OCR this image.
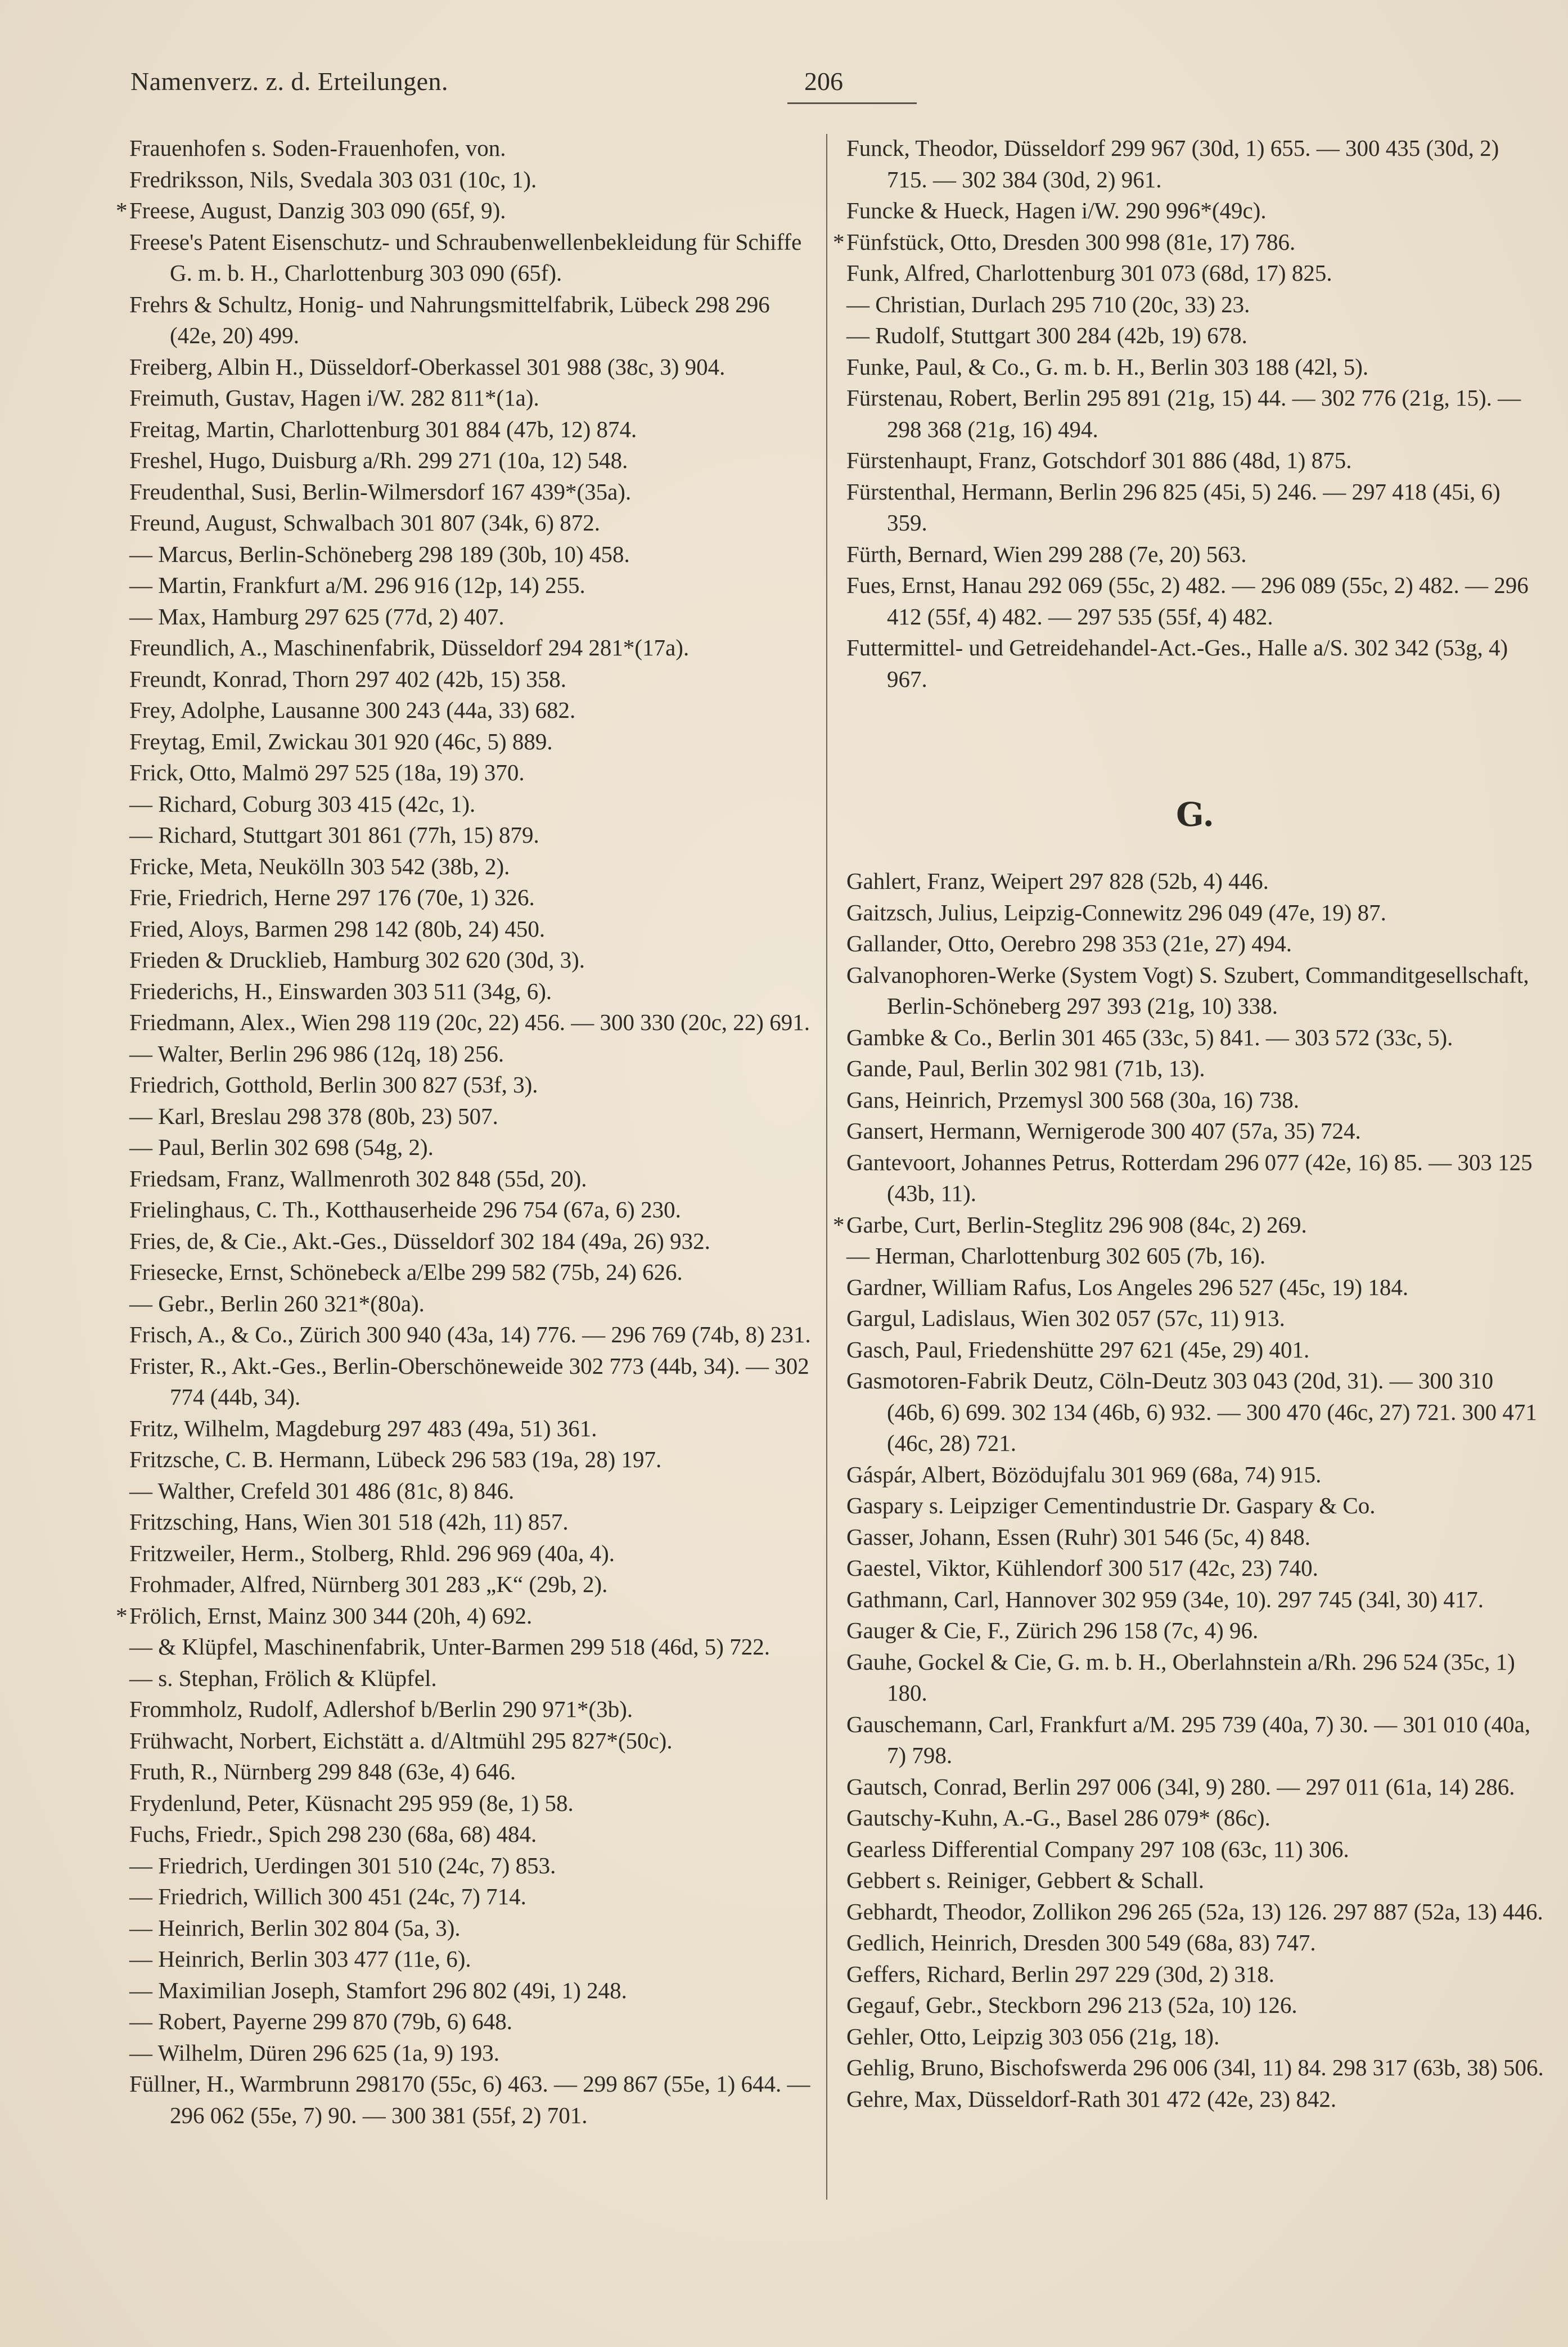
Namenverz. z. d. Erteilungen.	206
Frauenhofen s. Soden-Frauenhofen, von.
Fredriksson, Nils, Svedala 303 031 (10c, 1).
* Freese, August, Danzig 303 090 (65f, 9).
Freese's Patent Eisenschutz- und Schraubenwellenbekleidung für Schiffe G. m. b. H., Charlottenburg 303 090 (65f).
Frehrs & Schultz, Honig- und Nahrungsmittelfabrik, Lübeck 298 296 (42e, 20) 499.
Freiberg, Albin H., Düsseldorf-Oberkassel 301 988 (38c, 3) 904.
Freimuth, Gustav, Hagen i/W. 282 811*(1a).
Freitag, Martin, Charlottenburg 301 884 (47b, 12) 874.
Freshel, Hugo, Duisburg a/Rh. 299 271 (10a, 12) 548.
Freudenthal, Susi, Berlin-Wilmersdorf 167 439*(35a).
Freund, August, Schwalbach 301 807 (34k, 6) 872.
— Marcus, Berlin-Schöneberg 298 189 (30b, 10) 458.
— Martin, Frankfurt a/M. 296 916 (12p, 14) 255.
— Max, Hamburg 297 625 (77d, 2) 407.
Freundlich, A., Maschinenfabrik, Düsseldorf 294 281*(17a).
Freundt, Konrad, Thorn 297 402 (42b, 15) 358.
Frey, Adolphe, Lausanne 300 243 (44a, 33) 682.
Freytag, Emil, Zwickau 301 920 (46c, 5) 889.
Frick, Otto, Malmö 297 525 (18a, 19) 370.
— Richard, Coburg 303 415 (42c, 1).
— Richard, Stuttgart 301 861 (77h, 15) 879.
Fricke, Meta, Neukölln 303 542 (38b, 2).
Frie, Friedrich, Herne 297 176 (70e, 1) 326.
Fried, Aloys, Barmen 298 142 (80b, 24) 450.
Frieden & Drucklieb, Hamburg 302 620 (30d, 3).
Friederichs, H., Einswarden 303 511 (34g, 6).
Friedmann, Alex., Wien 298 119 (20c, 22) 456. — 300 330 (20c, 22) 691.
— Walter, Berlin 296 986 (12q, 18) 256.
Friedrich, Gotthold, Berlin 300 827 (53f, 3).
— Karl, Breslau 298 378 (80b, 23) 507.
— Paul, Berlin 302 698 (54g, 2).
Friedsam, Franz, Wallmenroth 302 848 (55d, 20).
Frielinghaus, C. Th., Kotthauserheide 296 754 (67a, 6) 230.
Fries, de, & Cie., Akt.-Ges., Düsseldorf 302 184 (49a, 26) 932.
Friesecke, Ernst, Schönebeck a/Elbe 299 582 (75b, 24) 626.
— Gebr., Berlin 260 321*(80a).
Frisch, A., & Co., Zürich 300 940 (43a, 14) 776. — 296 769 (74b, 8) 231.
Frister, R., Akt.-Ges., Berlin-Oberschöneweide 302 773 (44b, 34). — 302 774 (44b, 34).
Fritz, Wilhelm, Magdeburg 297 483 (49a, 51) 361.
Fritzsche, C. B. Hermann, Lübeck 296 583 (19a, 28) 197.
— Walther, Crefeld 301 486 (81c, 8) 846.
Fritzsching, Hans, Wien 301 518 (42h, 11) 857.
Fritzweiler, Herm., Stolberg, Rhld. 296 969 (40a, 4).
Frohmader, Alfred, Nürnberg 301 283 „K“ (29b, 2).
* Frölich, Ernst, Mainz 300 344 (20h, 4) 692.
— & Klüpfel, Maschinenfabrik, Unter-Barmen 299 518 (46d, 5) 722.
— s. Stephan, Frölich & Klüpfel.
Frommholz, Rudolf, Adlershof b/Berlin 290 971*(3b).
Frühwacht, Norbert, Eichstätt a. d/Altmühl 295 827*(50c).
Fruth, R., Nürnberg 299 848 (63e, 4) 646.
Frydenlund, Peter, Küsnacht 295 959 (8e, 1) 58.
Fuchs, Friedr., Spich 298 230 (68a, 68) 484.
— Friedrich, Uerdingen 301 510 (24c, 7) 853.
— Friedrich, Willich 300 451 (24c, 7) 714.
— Heinrich, Berlin 302 804 (5a, 3).
— Heinrich, Berlin 303 477 (11e, 6).
— Maximilian Joseph, Stamfort 296 802 (49i, 1) 248.
— Robert, Payerne 299 870 (79b, 6) 648.
— Wilhelm, Düren 296 625 (1a, 9) 193.
Füllner, H., Warmbrunn 298170 (55c, 6) 463. — 299 867 (55e, 1) 644. — 296 062 (55e, 7) 90. — 300 381 (55f, 2) 701.
Funck, Theodor, Düsseldorf 299 967 (30d, 1) 655. — 300 435 (30d, 2) 715. — 302 384 (30d, 2) 961.
Funcke & Hueck, Hagen i/W. 290 996*(49c).
* Fünfstück, Otto, Dresden 300 998 (81e, 17) 786.
Funk, Alfred, Charlottenburg 301 073 (68d, 17) 825.
— Christian, Durlach 295 710 (20c, 33) 23.
— Rudolf, Stuttgart 300 284 (42b, 19) 678.
Funke, Paul, & Co., G. m. b. H., Berlin 303 188 (42l, 5).
Fürstenau, Robert, Berlin 295 891 (21g, 15) 44. — 302 776 (21g, 15). — 298 368 (21g, 16) 494.
Fürstenhaupt, Franz, Gotschdorf 301 886 (48d, 1) 875.
Fürstenthal, Hermann, Berlin 296 825 (45i, 5) 246. — 297 418 (45i, 6) 359.
Fürth, Bernard, Wien 299 288 (7e, 20) 563.
Fues, Ernst, Hanau 292 069 (55c, 2) 482. — 296 089 (55c, 2) 482. — 296 412 (55f, 4) 482. — 297 535 (55f, 4) 482.
Futtermittel- und Getreidehandel-Act.-Ges., Halle a/S. 302 342 (53g, 4) 967.
G.
Gahlert, Franz, Weipert 297 828 (52b, 4) 446.
Gaitzsch, Julius, Leipzig-Connewitz 296 049 (47e, 19) 87.
Gallander, Otto, Oerebro 298 353 (21e, 27) 494.
Galvanophoren-Werke (System Vogt) S. Szubert, Commanditgesellschaft, Berlin-Schöneberg 297 393 (21g, 10) 338.
Gambke & Co., Berlin 301 465 (33c, 5) 841. — 303 572 (33c, 5).
Gande, Paul, Berlin 302 981 (71b, 13).
Gans, Heinrich, Przemysl 300 568 (30a, 16) 738.
Gansert, Hermann, Wernigerode 300 407 (57a, 35) 724.
Gantevoort, Johannes Petrus, Rotterdam 296 077 (42e, 16) 85. — 303 125 (43b, 11).
* Garbe, Curt, Berlin-Steglitz 296 908 (84c, 2) 269.
— Herman, Charlottenburg 302 605 (7b, 16).
Gardner, William Rafus, Los Angeles 296 527 (45c, 19) 184.
Gargul, Ladislaus, Wien 302 057 (57c, 11) 913.
Gasch, Paul, Friedenshütte 297 621 (45e, 29) 401.
Gasmotoren-Fabrik Deutz, Cöln-Deutz 303 043 (20d, 31). — 300 310 (46b, 6) 699. 302 134 (46b, 6) 932. — 300 470 (46c, 27) 721. 300 471 (46c, 28) 721.
Gáspár, Albert, Bözödujfalu 301 969 (68a, 74) 915.
Gaspary s. Leipziger Cementindustrie Dr. Gaspary & Co.
Gasser, Johann, Essen (Ruhr) 301 546 (5c, 4) 848.
Gaestel, Viktor, Kühlendorf 300 517 (42c, 23) 740.
Gathmann, Carl, Hannover 302 959 (34e, 10). 297 745 (34l, 30) 417.
Gauger & Cie, F., Zürich 296 158 (7c, 4) 96.
Gauhe, Gockel & Cie, G. m. b. H., Oberlahnstein a/Rh. 296 524 (35c, 1) 180.
Gauschemann, Carl, Frankfurt a/M. 295 739 (40a, 7) 30. — 301 010 (40a, 7) 798.
Gautsch, Conrad, Berlin 297 006 (34l, 9) 280. — 297 011 (61a, 14) 286.
Gautschy-Kuhn, A.-G., Basel 286 079* (86c).
Gearless Differential Company 297 108 (63c, 11) 306.
Gebbert s. Reiniger, Gebbert & Schall.
Gebhardt, Theodor, Zollikon 296 265 (52a, 13) 126. 297 887 (52a, 13) 446.
Gedlich, Heinrich, Dresden 300 549 (68a, 83) 747.
Geffers, Richard, Berlin 297 229 (30d, 2) 318.
Gegauf, Gebr., Steckborn 296 213 (52a, 10) 126.
Gehler, Otto, Leipzig 303 056 (21g, 18).
Gehlig, Bruno, Bischofswerda 296 006 (34l, 11) 84. 298 317 (63b, 38) 506.
Gehre, Max, Düsseldorf-Rath 301 472 (42e, 23) 842.
